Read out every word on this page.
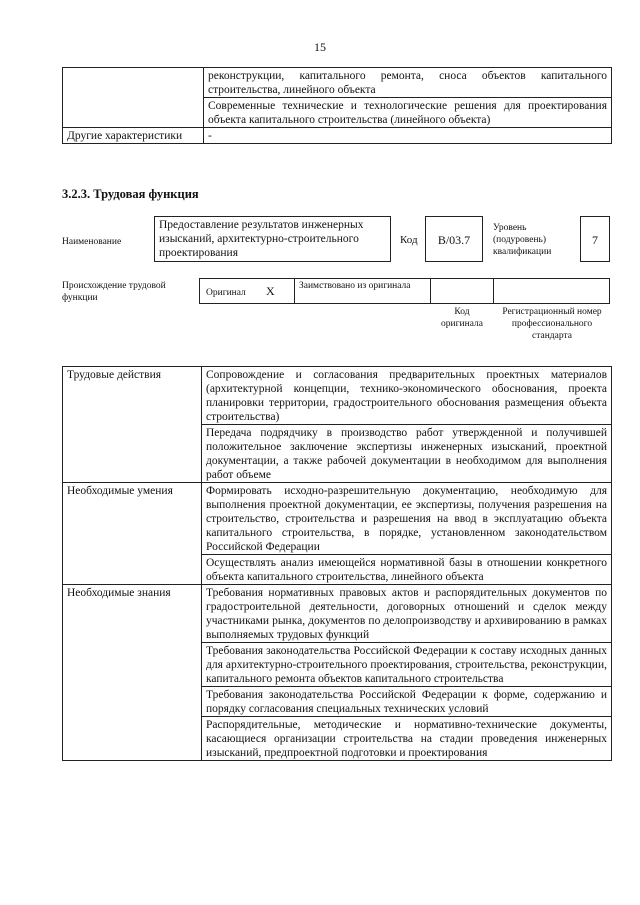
15
	реконструкции, капитального ремонта, сноса объектов капитального строительства, линейного объекта
	Современные технические и технологические решения для проектирования объекта капитального строительства (линейного объекта)
Другие характеристики	-
3.2.3. Трудовая функция
Наименование
Предоставление результатов инженерных изысканий, архитектурно-строительного проектирования
Код	B/03.7
Уровень (подуровень) квалификации
7
Происхождение трудовой функции	Оригинал X	Заимствовано из оригинала
Код оригинала
Регистрационный номер профессионального стандарта
Трудовые действия	Сопровождение и согласования предварительных проектных материалов (архитектурной концепции, технико-экономического обоснования, проекта планировки территории, градостроительного обоснования размещения объекта строительства)
	Передача подрядчику в производство работ утвержденной и получившей положительное заключение экспертизы инженерных изысканий, проектной документации, а также рабочей документации в необходимом для выполнения работ объеме
Необходимые умения	Формировать исходно-разрешительную документацию, необходимую для выполнения проектной документации, ее экспертизы, получения разрешения на строительство, строительства и разрешения на ввод в эксплуатацию объекта капитального строительства, в порядке, установленном законодательством Российской Федерации
	Осуществлять анализ имеющейся нормативной базы в отношении конкретного объекта капитального строительства, линейного объекта
Необходимые знания	Требования нормативных правовых актов и распорядительных документов по градостроительной деятельности, договорных отношений и сделок между участниками рынка, документов по делопроизводству и архивированию в рамках выполняемых трудовых функций
	Требования законодательства Российской Федерации к составу исходных данных для архитектурно-строительного проектирования, строительства, реконструкции, капитального ремонта объектов капитального строительства
	Требования законодательства Российской Федерации к форме, содержанию и порядку согласования специальных технических условий
	Распорядительные, методические и нормативно-технические документы, касающиеся организации строительства на стадии проведения инженерных изысканий, предпроектной подготовки и проектирования
